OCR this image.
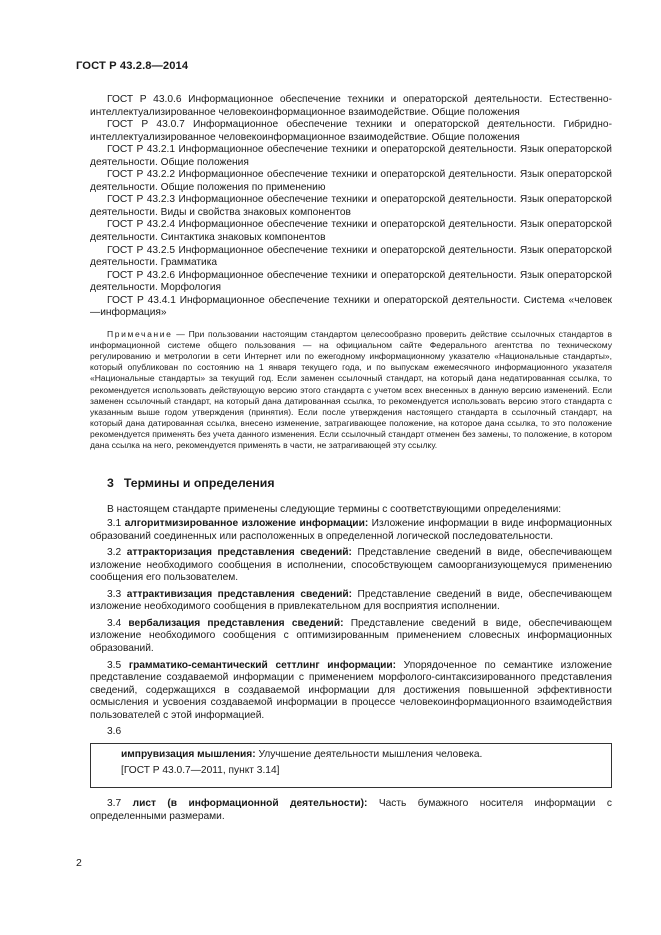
ГОСТ Р 43.2.8—2014

ГОСТ Р 43.0.6 Информационное обеспечение техники и операторской деятельности. Естественно-интеллектуализированное человекоинформационное взаимодействие. Общие положения

ГОСТ Р 43.0.7 Информационное обеспечение техники и операторской деятельности. Гибридно-интеллектуализированное человекоинформационное взаимодействие. Общие положения

ГОСТ Р 43.2.1 Информационное обеспечение техники и операторской деятельности. Язык операторской деятельности. Общие положения

ГОСТ Р 43.2.2 Информационное обеспечение техники и операторской деятельности. Язык операторской деятельности. Общие положения по применению

ГОСТ Р 43.2.3 Информационное обеспечение техники и операторской деятельности. Язык операторской деятельности. Виды и свойства знаковых компонентов

ГОСТ Р 43.2.4 Информационное обеспечение техники и операторской деятельности. Язык операторской деятельности. Синтактика знаковых компонентов

ГОСТ Р 43.2.5 Информационное обеспечение техники и операторской деятельности. Язык операторской деятельности. Грамматика

ГОСТ Р 43.2.6 Информационное обеспечение техники и операторской деятельности. Язык операторской деятельности. Морфология

ГОСТ Р 43.4.1 Информационное обеспечение техники и операторской деятельности. Система «человек—информация»

Примечание — При пользовании настоящим стандартом целесообразно проверить действие ссылочных стандартов в информационной системе общего пользования — на официальном сайте Федерального агентства по техническому регулированию и метрологии в сети Интернет или по ежегодному информационному указателю «Национальные стандарты», который опубликован по состоянию на 1 января текущего года, и по выпускам ежемесячного информационного указателя «Национальные стандарты» за текущий год. Если заменен ссылочный стандарт, на который дана недатированная ссылка, то рекомендуется использовать действующую версию этого стандарта с учетом всех внесенных в данную версию изменений. Если заменен ссылочный стандарт, на который дана датированная ссылка, то рекомендуется использовать версию этого стандарта с указанным выше годом утверждения (принятия). Если после утверждения настоящего стандарта в ссылочный стандарт, на который дана датированная ссылка, внесено изменение, затрагивающее положение, на которое дана ссылка, то это положение рекомендуется применять без учета данного изменения. Если ссылочный стандарт отменен без замены, то положение, в котором дана ссылка на него, рекомендуется применять в части, не затрагивающей эту ссылку.

3 Термины и определения

В настоящем стандарте применены следующие термины с соответствующими определениями:

3.1 алгоритмизированное изложение информации: Изложение информации в виде информационных образований соединенных или расположенных в определенной логической последовательности.

3.2 аттракторизация представления сведений: Представление сведений в виде, обеспечивающем изложение необходимого сообщения в исполнении, способствующем самоорганизующемуся применению сообщения его пользователем.

3.3 аттрактивизация представления сведений: Представление сведений в виде, обеспечивающем изложение необходимого сообщения в привлекательном для восприятия исполнении.

3.4 вербализация представления сведений: Представление сведений в виде, обеспечивающем изложение необходимого сообщения с оптимизированным применением словесных информационных образований.

3.5 грамматико-семантический сеттлинг информации: Упорядоченное по семантике изложение представление создаваемой информации с применением морфолого-синтаксизированного представления сведений, содержащихся в создаваемой информации для достижения повышенной эффективности осмысления и усвоения создаваемой информации в процессе человекоинформационного взаимодействия пользователей с этой информацией.

3.6

импрувизация мышления: Улучшение деятельности мышления человека.

[ГОСТ Р 43.0.7—2011, пункт 3.14]

3.7 лист (в информационной деятельности): Часть бумажного носителя информации с определенными размерами.

2
